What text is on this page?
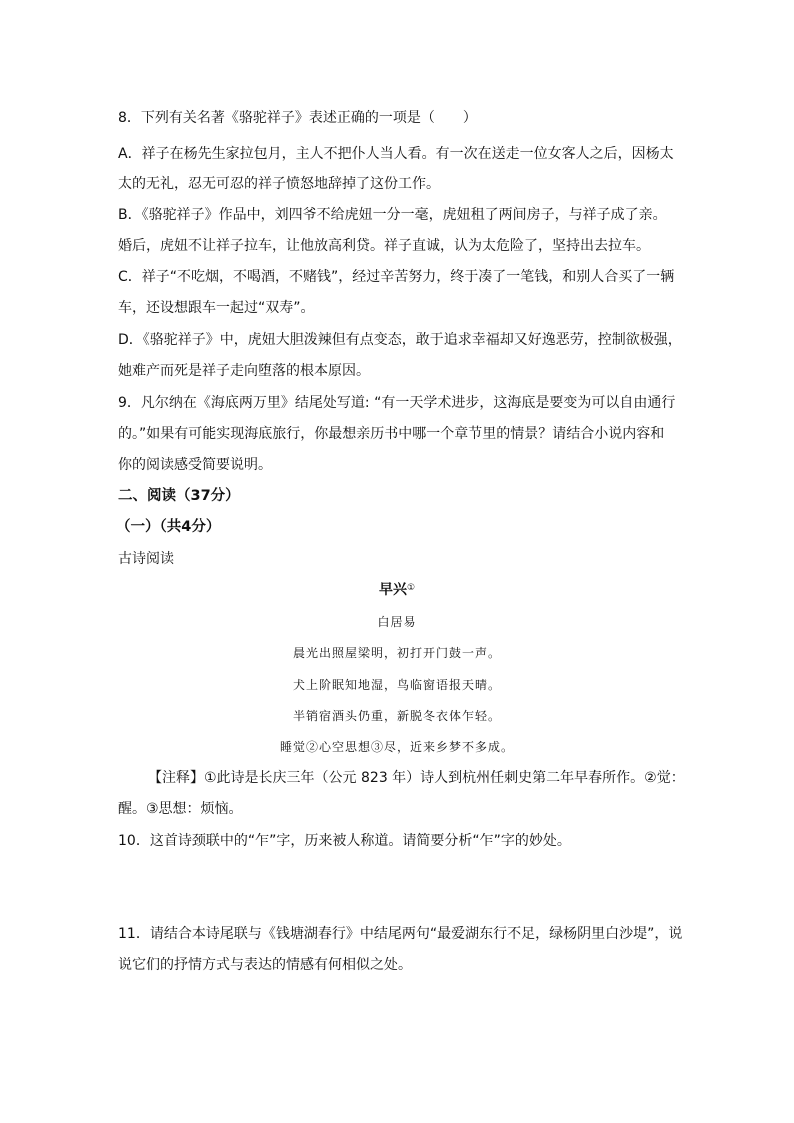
8．下列有关名著《骆驼祥子》表述正确的一项是（　　）
A．祥子在杨先生家拉包月，主人不把仆人当人看。有一次在送走一位女客人之后，因杨太
太的无礼，忍无可忍的祥子愤怒地辞掉了这份工作。
B．《骆驼祥子》作品中，刘四爷不给虎妞一分一毫，虎妞租了两间房子，与祥子成了亲。
婚后，虎妞不让祥子拉车，让他放高利贷。祥子直诚，认为太危险了，坚持出去拉车。
C．祥子“不吃烟，不喝酒，不赌钱”，经过辛苦努力，终于凑了一笔钱，和别人合买了一辆
车，还设想跟车一起过“双寿”。
D．《骆驼祥子》中，虎妞大胆泼辣但有点变态，敢于追求幸福却又好逸恶劳，控制欲极强，
她难产而死是祥子走向堕落的根本原因。
9．凡尔纳在《海底两万里》结尾处写道: “有一天学术进步，这海底是要变为可以自由通行
的。”如果有可能实现海底旅行，你最想亲历书中哪一个章节里的情景？请结合小说内容和
你的阅读感受简要说明。
二、阅读（37分）
（一）（共4分）
古诗阅读
早兴①
白居易
晨光出照屋梁明，初打开门鼓一声。
犬上阶眠知地湿，鸟临窗语报天晴。
半销宿酒头仍重，新脱冬衣体乍轻。
睡觉②心空思想③尽，近来乡梦不多成。
【注释】①此诗是长庆三年（公元 823 年）诗人到杭州任刺史第二年早春所作。②觉：
醒。③思想：烦恼。
10．这首诗颈联中的“乍”字，历来被人称道。请简要分析“乍”字的妙处。
11．请结合本诗尾联与《钱塘湖春行》中结尾两句“最爱湖东行不足，绿杨阴里白沙堤”，说
说它们的抒情方式与表达的情感有何相似之处。
